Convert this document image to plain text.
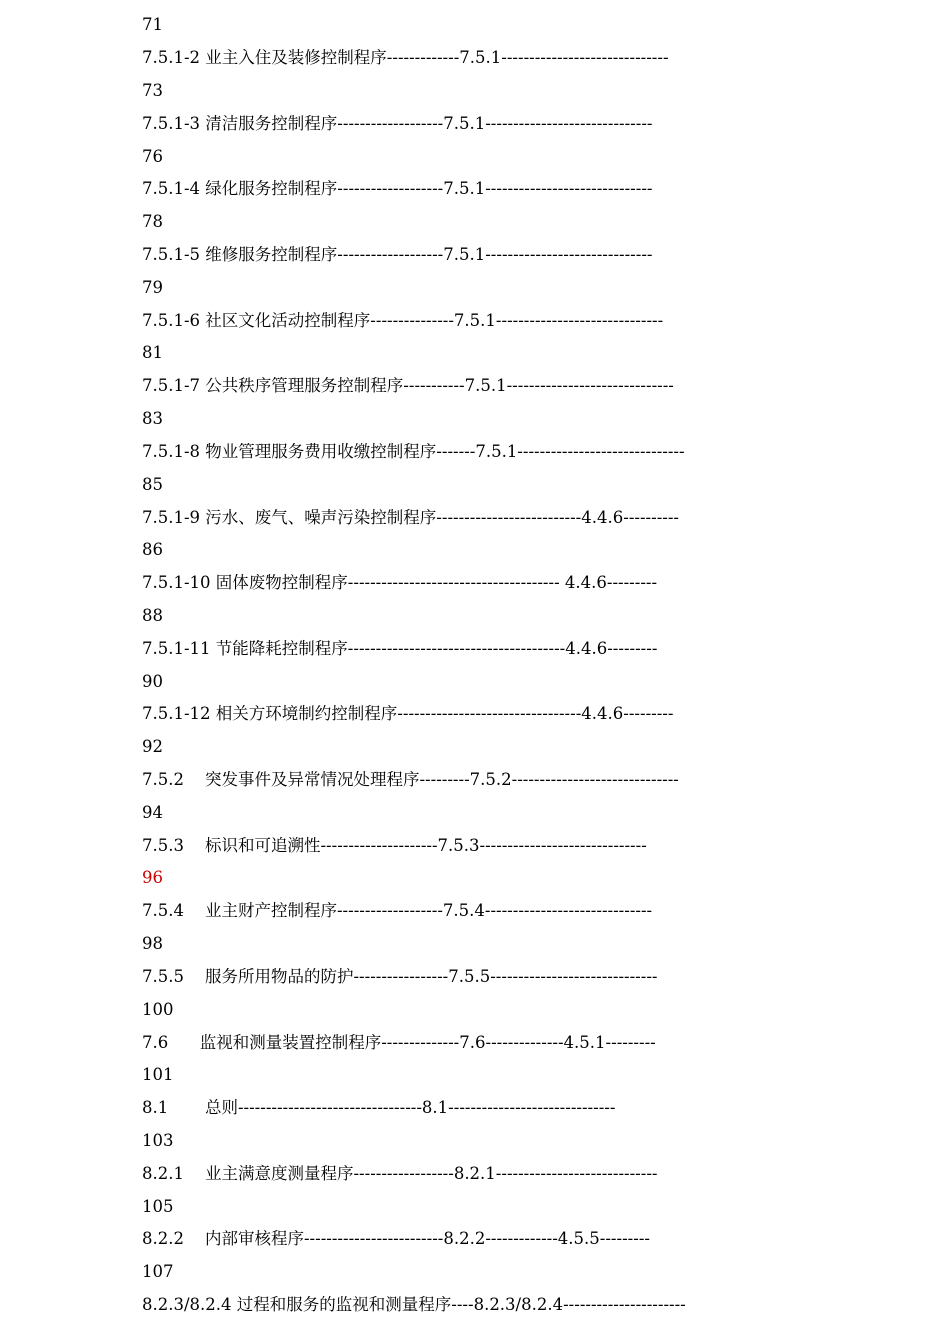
71
7.5.1-2 业主入住及装修控制程序-------------7.5.1------------------------------
73
7.5.1-3 清洁服务控制程序-------------------7.5.1------------------------------
76
7.5.1-4 绿化服务控制程序-------------------7.5.1------------------------------
78
7.5.1-5 维修服务控制程序-------------------7.5.1------------------------------
79
7.5.1-6 社区文化活动控制程序---------------7.5.1------------------------------
81
7.5.1-7 公共秩序管理服务控制程序-----------7.5.1------------------------------
83
7.5.1-8 物业管理服务费用收缴控制程序-------7.5.1------------------------------
85
7.5.1-9 污水、废气、噪声污染控制程序--------------------------4.4.6----------
86
7.5.1-10 固体废物控制程序-------------------------------------- 4.4.6---------
88
7.5.1-11 节能降耗控制程序---------------------------------------4.4.6---------
90
7.5.1-12 相关方环境制约控制程序---------------------------------4.4.6---------
92
7.5.2    突发事件及异常情况处理程序---------7.5.2------------------------------
94
7.5.3    标识和可追溯性---------------------7.5.3------------------------------
96
7.5.4    业主财产控制程序-------------------7.5.4------------------------------
98
7.5.5    服务所用物品的防护-----------------7.5.5------------------------------
100
7.6      监视和测量装置控制程序--------------7.6--------------4.5.1---------
101
8.1       总则---------------------------------8.1------------------------------
103
8.2.1    业主满意度测量程序------------------8.2.1-----------------------------
105
8.2.2    内部审核程序-------------------------8.2.2-------------4.5.5---------
107
8.2.3/8.2.4 过程和服务的监视和测量程序----8.2.3/8.2.4----------------------
